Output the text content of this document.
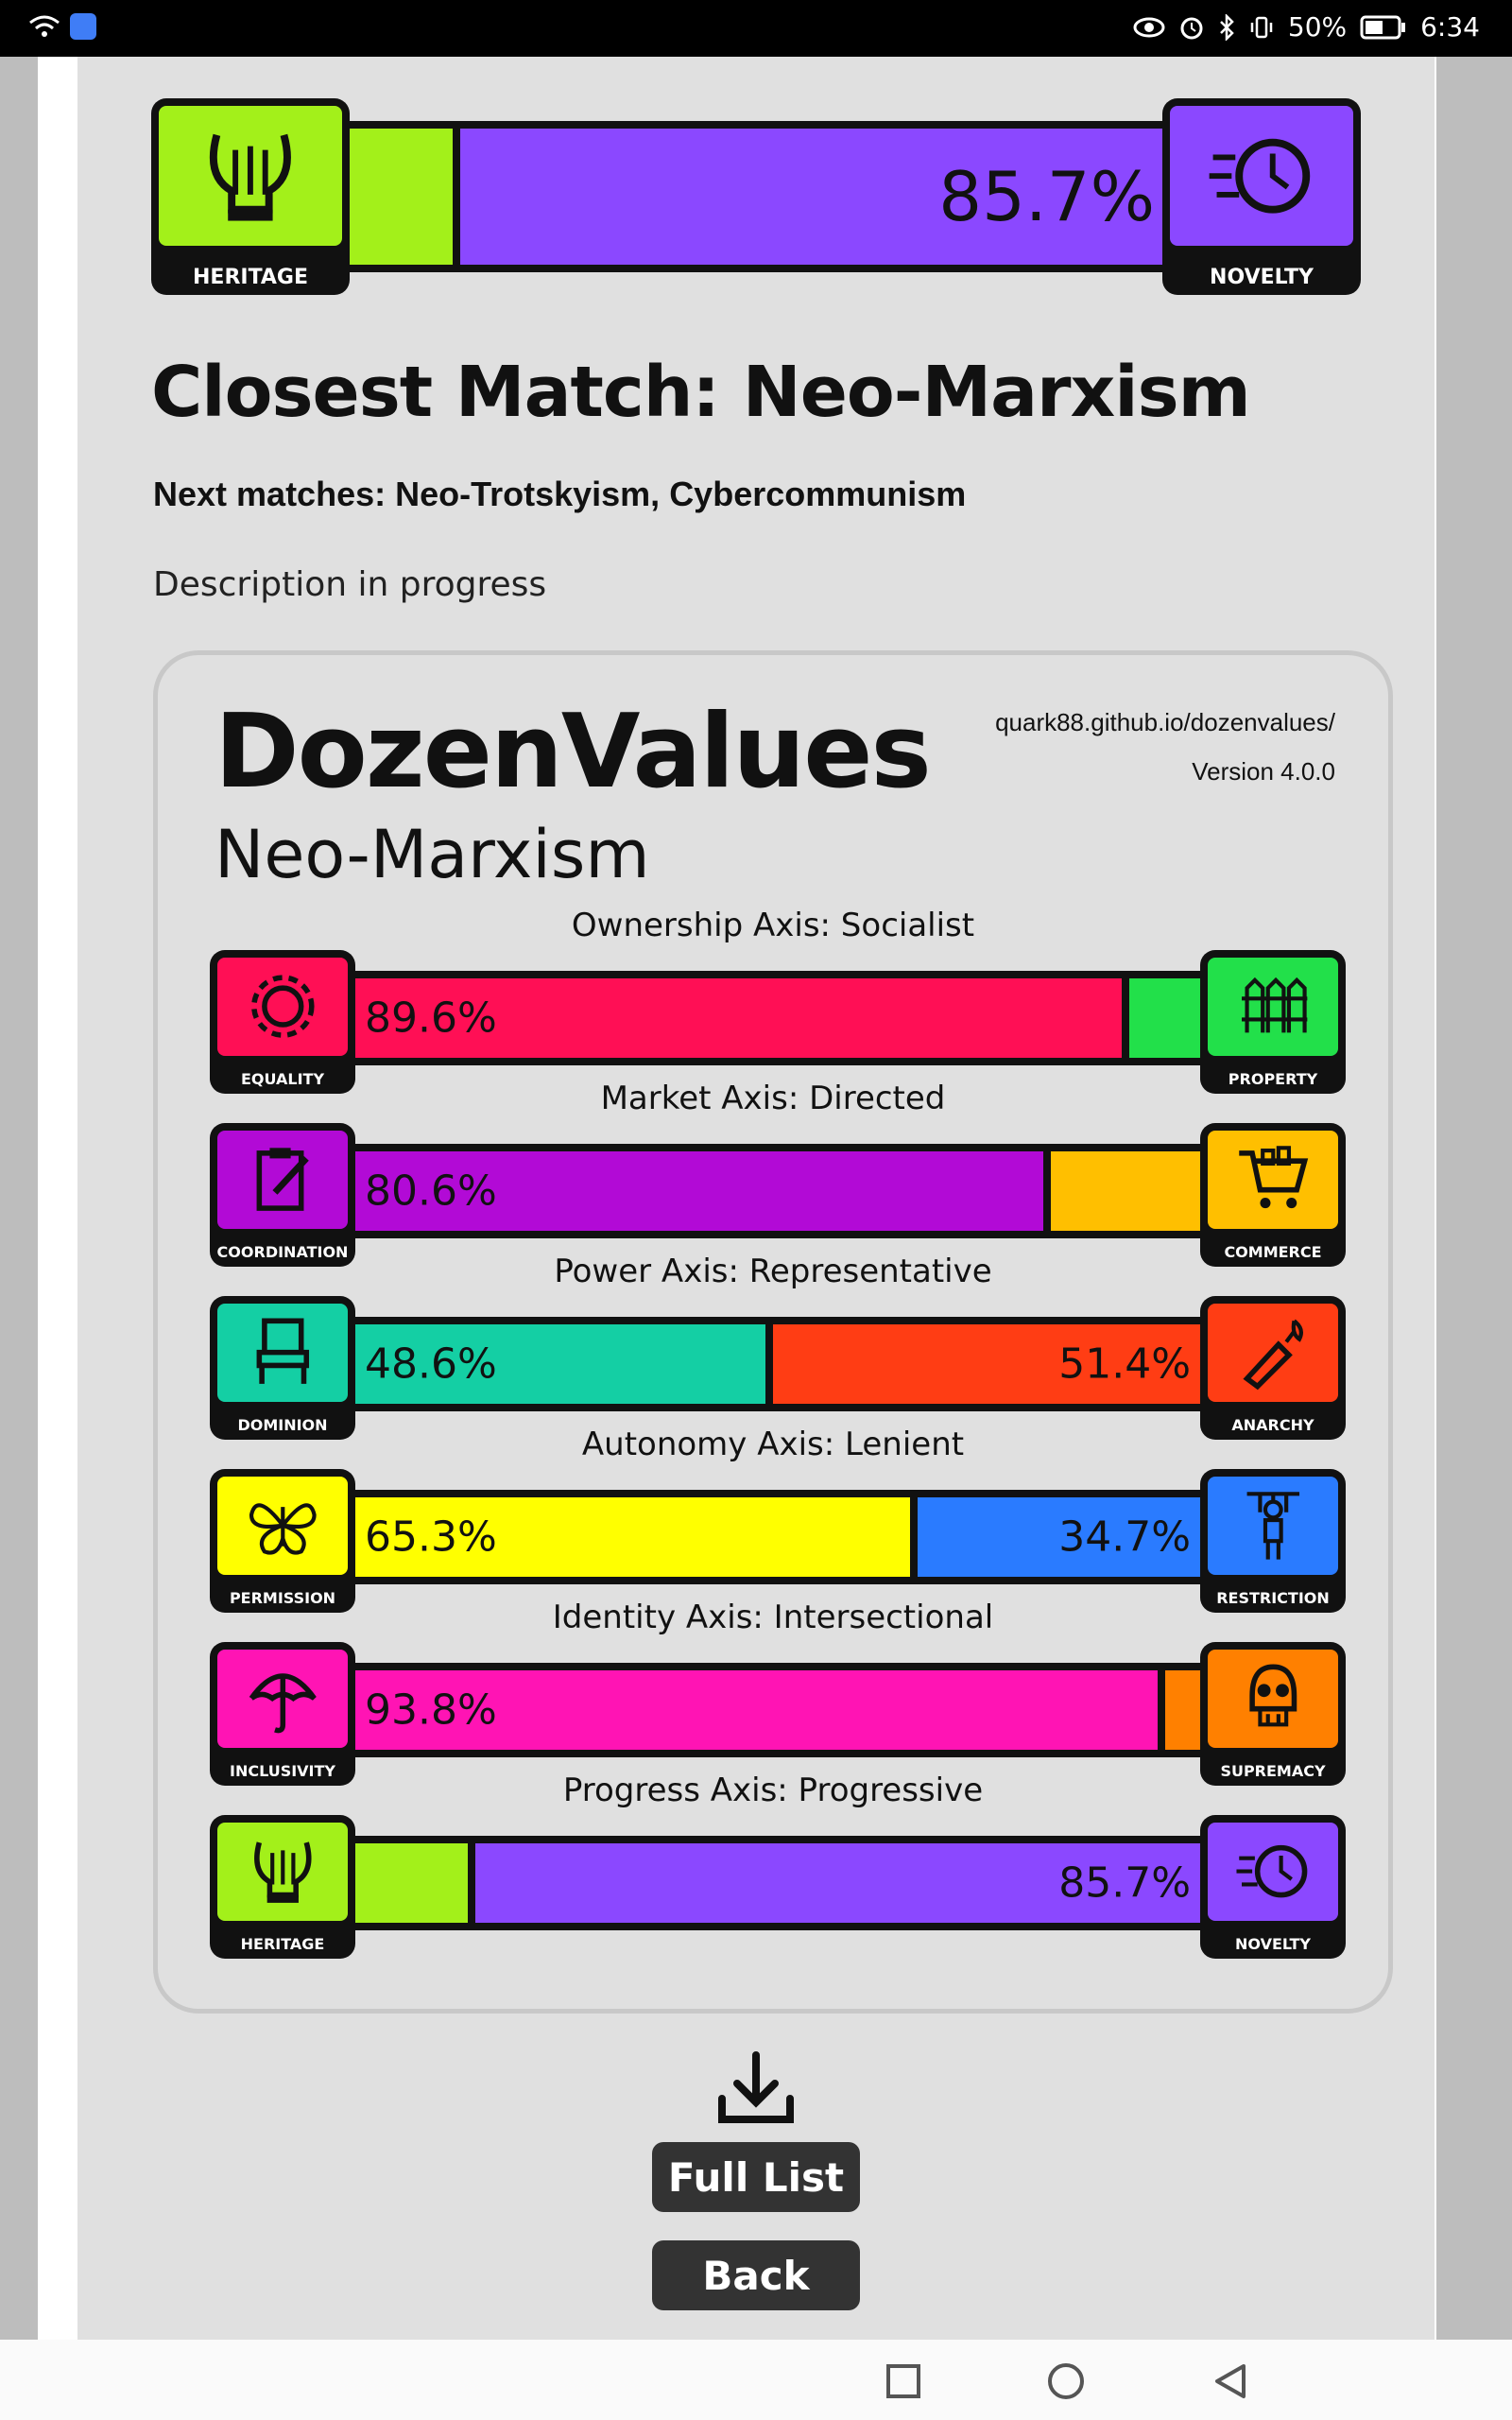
50%	6:34
85.7%
HERITAGE	NOVELTY
Closest Match: Neo-Marxism
Next matches: Neo-Trotskyism, Cybercommunism
Description in progress
DozenValues
Neo-Marxism
quark88.github.io/dozenvalues/
Version 4.0.0
Ownership Axis: Socialist
89.6%
EQUALITY	PROPERTY
Market Axis: Directed
80.6%
COORDINATION	COMMERCE
Power Axis: Representative
48.6%	51.4%
DOMINION	ANARCHY
Autonomy Axis: Lenient
65.3%	34.7%
PERMISSION	RESTRICTION
Identity Axis: Intersectional
93.8%
INCLUSIVITY	SUPREMACY
Progress Axis: Progressive
85.7%
HERITAGE	NOVELTY
Full List
Back
